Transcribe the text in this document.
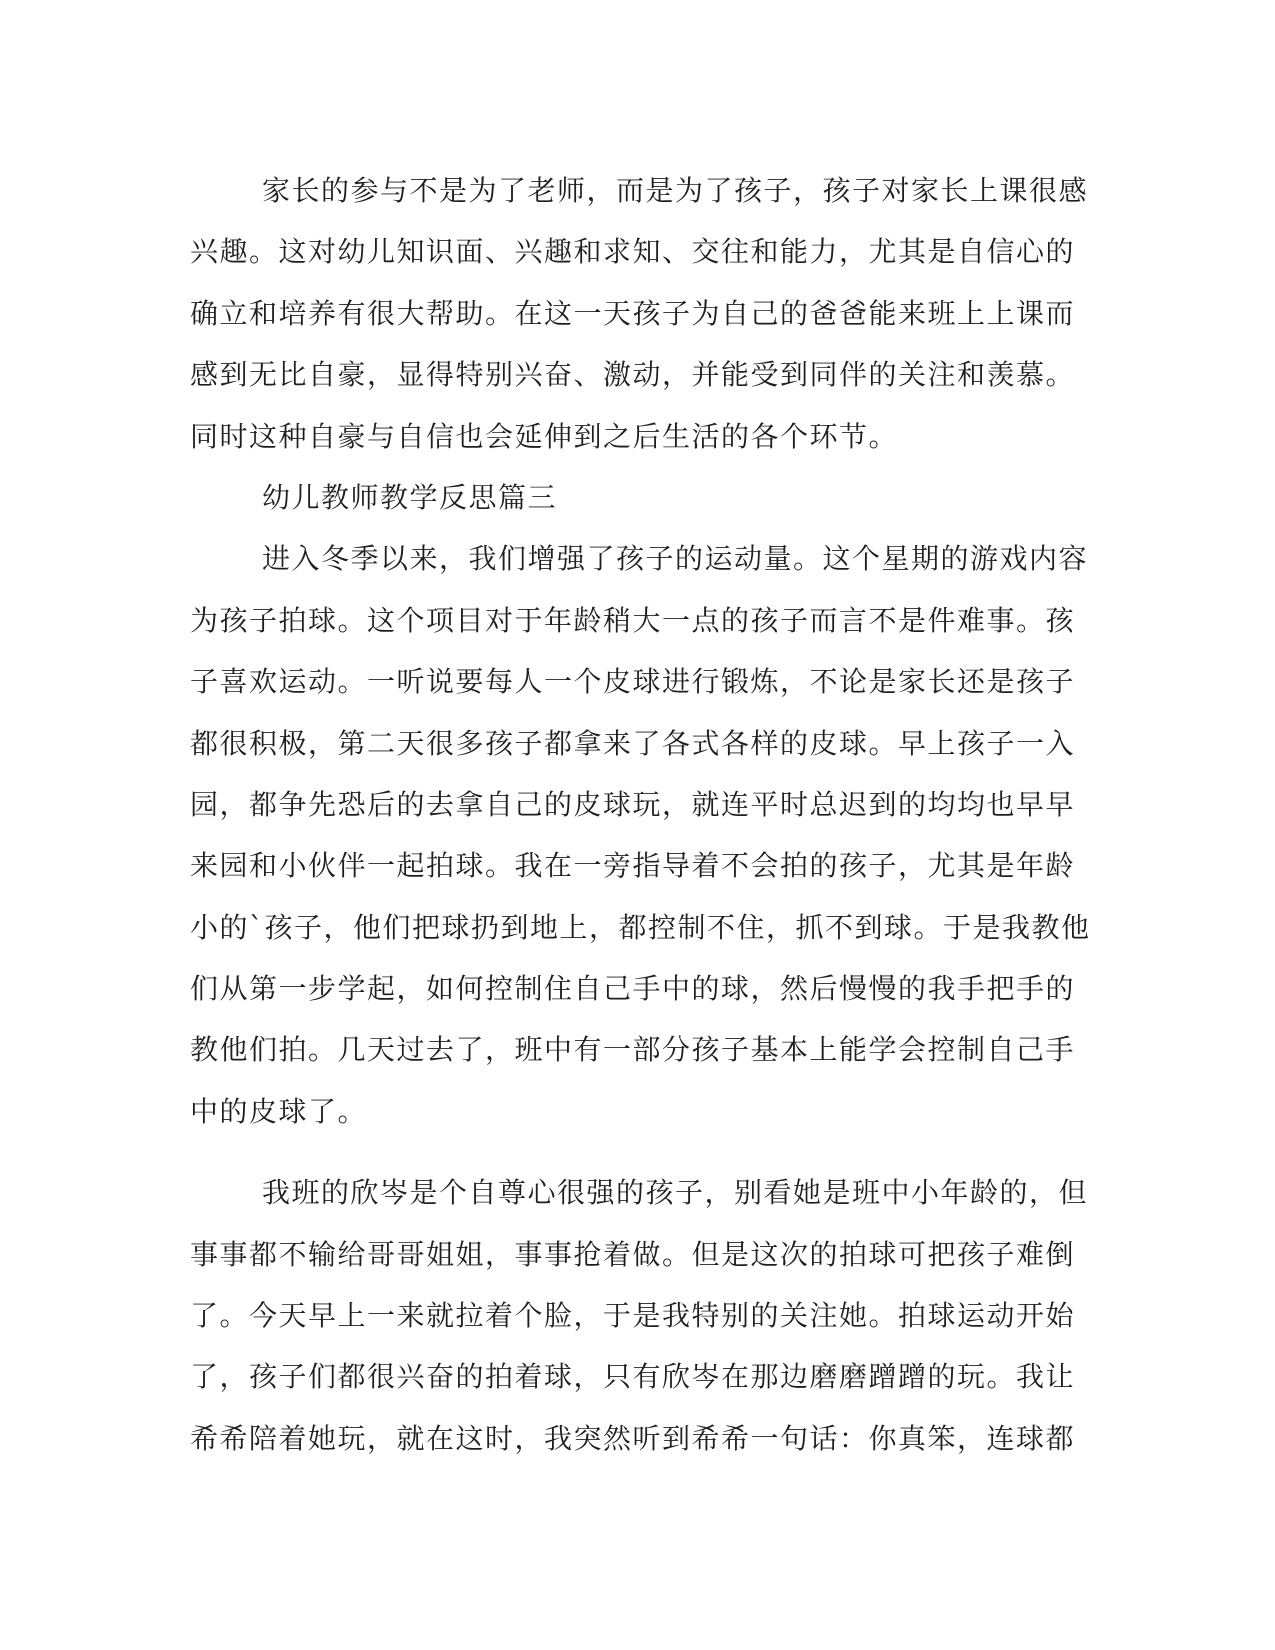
家长的参与不是为了老师，而是为了孩子，孩子对家长上课很感
兴趣。这对幼儿知识面、兴趣和求知、交往和能力，尤其是自信心的
确立和培养有很大帮助。在这一天孩子为自己的爸爸能来班上上课而
感到无比自豪，显得特别兴奋、激动，并能受到同伴的关注和羡慕。
同时这种自豪与自信也会延伸到之后生活的各个环节。
幼儿教师教学反思篇三
进入冬季以来，我们增强了孩子的运动量。这个星期的游戏内容
为孩子拍球。这个项目对于年龄稍大一点的孩子而言不是件难事。孩
子喜欢运动。一听说要每人一个皮球进行锻炼，不论是家长还是孩子
都很积极，第二天很多孩子都拿来了各式各样的皮球。早上孩子一入
园，都争先恐后的去拿自己的皮球玩，就连平时总迟到的均均也早早
来园和小伙伴一起拍球。我在一旁指导着不会拍的孩子，尤其是年龄
小的`孩子，他们把球扔到地上，都控制不住，抓不到球。于是我教他
们从第一步学起，如何控制住自己手中的球，然后慢慢的我手把手的
教他们拍。几天过去了，班中有一部分孩子基本上能学会控制自己手
中的皮球了。
我班的欣岑是个自尊心很强的孩子，别看她是班中小年龄的，但
事事都不输给哥哥姐姐，事事抢着做。但是这次的拍球可把孩子难倒
了。今天早上一来就拉着个脸，于是我特别的关注她。拍球运动开始
了，孩子们都很兴奋的拍着球，只有欣岑在那边磨磨蹭蹭的玩。我让
希希陪着她玩，就在这时，我突然听到希希一句话：你真笨，连球都
